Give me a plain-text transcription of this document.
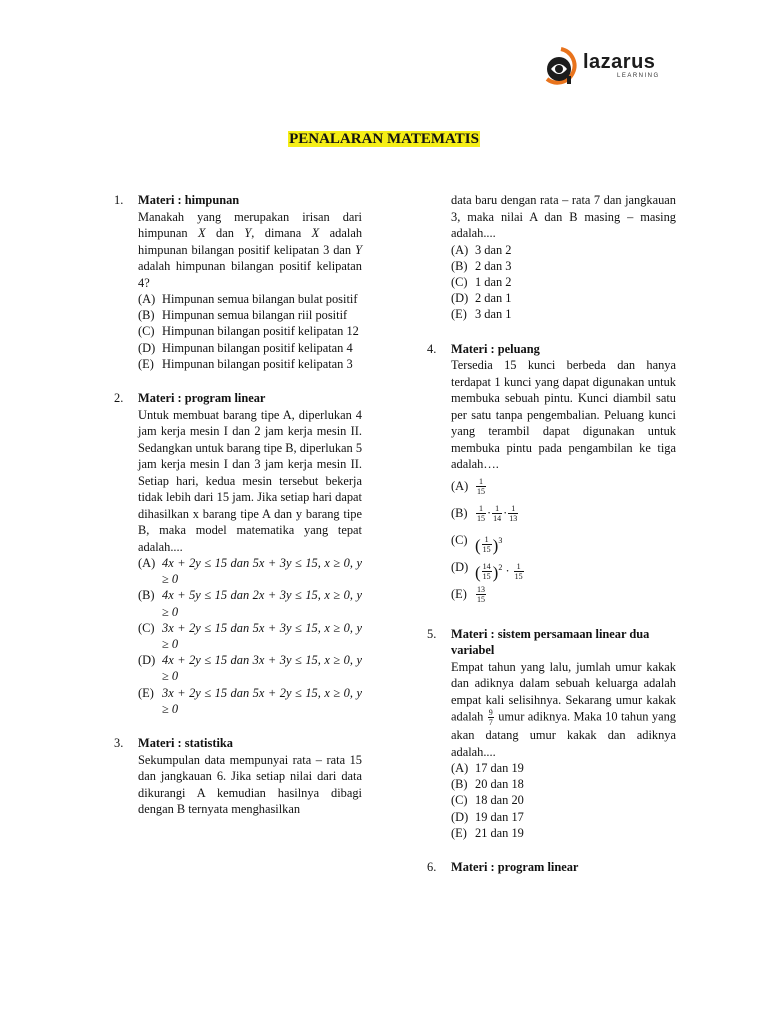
lazarus
LEARNING
PENALARAN MATEMATIS
1. Materi : himpunan

Manakah yang merupakan irisan dari himpunan X dan Y, dimana X adalah himpunan bilangan positif kelipatan 3 dan Y adalah himpunan bilangan positif kelipatan 4?

(A) Himpunan semua bilangan bulat positif
(B) Himpunan semua bilangan riil positif
(C) Himpunan bilangan positif kelipatan 12
(D) Himpunan bilangan positif kelipatan 4
(E) Himpunan bilangan positif kelipatan 3
2. Materi : program linear

Untuk membuat barang tipe A, diperlukan 4 jam kerja mesin I dan 2 jam kerja mesin II. Sedangkan untuk barang tipe B, diperlukan 5 jam kerja mesin I dan 3 jam kerja mesin II. Setiap hari, kedua mesin tersebut bekerja tidak lebih dari 15 jam. Jika setiap hari dapat dihasilkan x barang tipe A dan y barang tipe B, maka model matematika yang tepat adalah....

(A) 4x + 2y ≤ 15 dan 5x + 3y ≤ 15, x ≥ 0, y ≥ 0
(B) 4x + 5y ≤ 15 dan 2x + 3y ≤ 15, x ≥ 0, y ≥ 0
(C) 3x + 2y ≤ 15 dan 5x + 3y ≤ 15, x ≥ 0, y ≥ 0
(D) 4x + 2y ≤ 15 dan 3x + 3y ≤ 15, x ≥ 0, y ≥ 0
(E) 3x + 2y ≤ 15 dan 5x + 2y ≤ 15, x ≥ 0, y ≥ 0
3. Materi : statistika

Sekumpulan data mempunyai rata – rata 15 dan jangkauan 6. Jika setiap nilai dari data dikurangi A kemudian hasilnya dibagi dengan B ternyata menghasilkan

data baru dengan rata – rata 7 dan jangkauan 3, maka nilai A dan B masing – masing adalah....

(A) 3 dan 2
(B) 2 dan 3
(C) 1 dan 2
(D) 2 dan 1
(E) 3 dan 1
4. Materi : peluang

Tersedia 15 kunci berbeda dan hanya terdapat 1 kunci yang dapat digunakan untuk membuka sebuah pintu. Kunci diambil satu per satu tanpa pengembalian. Peluang kunci yang terambil dapat digunakan untuk membuka pintu pada pengambilan ke tiga adalah….

$(A) \frac{1}{15}$
$(B) \frac{1}{15} \cdot \frac{1}{14} \cdot \frac{1}{13}$
(C) ( $\frac{1}{15} )^3$
(D) ( $\frac{14}{15} )^2 \cdot \frac{1}{15}$
$(E) \frac{13}{15}$
5. Materi : sistem persamaan linear dua variabel

Empat tahun yang lalu, jumlah umur kakak dan adiknya dalam sebuah keluarga adalah empat kali selisihnya. Sekarang umur kakak adalah $\frac{9}{7}$ umur adiknya. Maka 10 tahun yang akan datang umur kakak dan adiknya adalah....

(A) 17 dan 19
(B) 20 dan 18
(C) 18 dan 20
(D) 19 dan 17
(E) 21 dan 19
6. Materi : program linear
